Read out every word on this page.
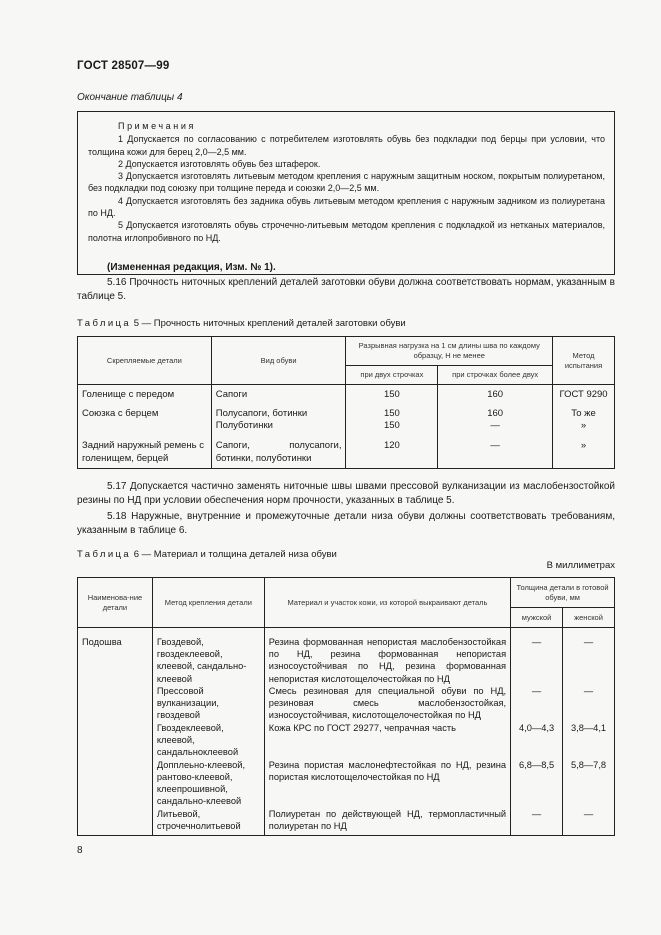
ГОСТ 28507—99
Окончание таблицы 4
Примечания

1 Допускается по согласованию с потребителем изготовлять обувь без подкладки под берцы при условии, что толщина кожи для берец 2,0—2,5 мм.

2 Допускается изготовлять обувь без штаферок.

3 Допускается изготовлять литьевым методом крепления с наружным защитным носком, покрытым полиуретаном, без подкладки под союзку при толщине переда и союзки 2,0—2,5 мм.

4 Допускается изготовлять без задника обувь литьевым методом крепления с наружным задником из полиуретана по НД.

5 Допускается изготовлять обувь строчечно-литьевым методом крепления с подкладкой из нетканых материалов, полотна иглопробивного по НД.

(Измененная редакция, Изм. № 1).

5.16 Прочность ниточных креплений деталей заготовки обуви должна соответствовать нормам, указанным в таблице 5.

Таблица 5 — Прочность ниточных креплений деталей заготовки обуви
Скрепляемые детали	Вид обуви	Разрывная нагрузка на 1 см длины шва по каждому образцу, Н не менее		Метод испытания
		при двух строчках	при строчках более двух	
Голенище с передом	Сапоги	150	160	ГОСТ 9290
Союзка с берцем	Полусапоги, ботинки	150	160	То же
	Полуботинки	150	—	»
Задний наружный ремень с голенищем, берцей	Сапоги, полусапоги, ботинки, полуботинки	120	—	»

5.17 Допускается частично заменять ниточные швы швами прессовой вулканизации из маслобензостойкой резины по НД при условии обеспечения норм прочности, указанных в таблице 5.

5.18 Наружные, внутренние и промежуточные детали низа обуви должны соответствовать требованиям, указанным в таблице 6.

Таблица 6 — Материал и толщина деталей низа обуви
В миллиметрах
Наименова-ние детали	Метод крепления детали	Материал и участок кожи, из которой выкраивают деталь	Толщина детали в готовой обуви, мм	
			мужской	женской
Подошва	Гвоздевой, гвоздеклеевой, клеевой, сандально-клеевой	Резина формованная непористая маслобензостойкая по НД, резина формованная непористая износоустойчивая по НД, резина формованная непористая кислотощелочестойкая по НД	—	—
	Прессовой вулканизации, гвоздевой	Смесь резиновая для специальной обуви по НД, резиновая смесь маслобензостойкая, износоустойчивая, кислотощелочестойкая по НД	—	—
	Гвоздеклеевой, клеевой, сандальноклеевой	Кожа КРС по ГОСТ 29277, чепрачная часть	4,0—4,3	3,8—4,1
	Допплеьно-клеевой, рантово-клеевой, клеепрошивной, сандально-клеевой	Резина пористая маслонефтестойкая по НД, резина пористая кислотощелочестойкая по НД	6,8—8,5	5,8—7,8
	Литьевой, строчечнолитьевой	Полиуретан по действующей НД, термопластичный полиуретан по НД	—	—
8
